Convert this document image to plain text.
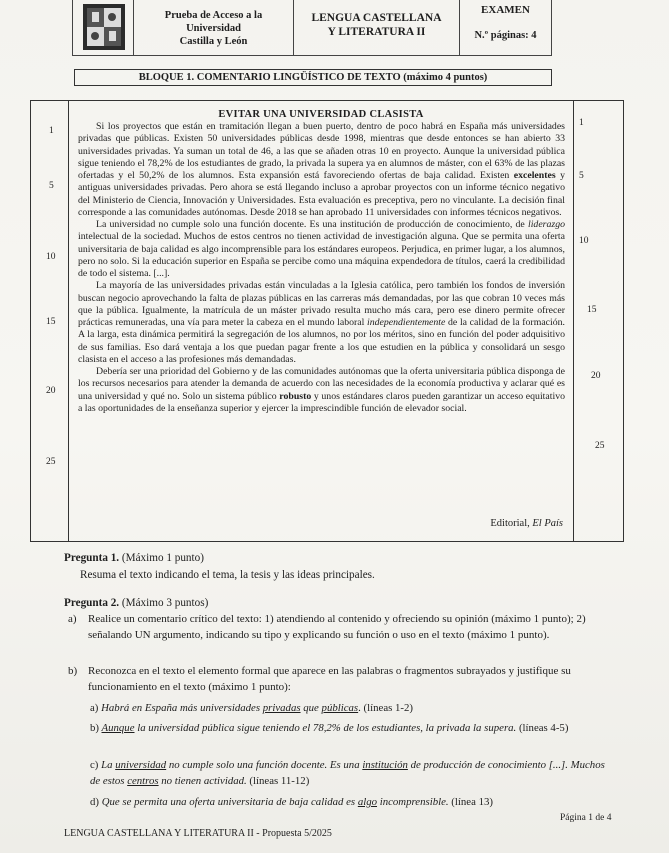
Prueba de Acceso a la
Universidad
Castilla y León
LENGUA CASTELLANA
Y LITERATURA II
EXAMEN
N.º páginas: 4
BLOQUE 1. COMENTARIO LINGÜÍSTICO DE TEXTO (máximo 4 puntos)
1
5
10
15
20
25
1
5
10
15
20
25
EVITAR UNA UNIVERSIDAD CLASISTA

Si los proyectos que están en tramitación llegan a buen puerto, dentro de poco habrá en España más universidades privadas que públicas. Existen 50 universidades públicas desde 1998, mientras que desde entonces se han abierto 33 universidades privadas. Ya suman un total de 46, a las que se añaden otras 10 en proyecto. Aunque la universidad pública sigue teniendo el 78,2% de los estudiantes de grado, la privada la supera ya en alumnos de máster, con el 63% de las plazas ofertadas y el 50,2% de los alumnos. Esta expansión está favoreciendo ofertas de baja calidad. Existen excelentes y antiguas universidades privadas. Pero ahora se está llegando incluso a aprobar proyectos con un informe técnico negativo del Ministerio de Ciencia, Innovación y Universidades. Esta evaluación es preceptiva, pero no vinculante. La decisión final corresponde a las comunidades autónomas. Desde 2018 se han aprobado 11 universidades con informes técnicos negativos.

La universidad no cumple solo una función docente. Es una institución de producción de conocimiento, de liderazgo intelectual de la sociedad. Muchos de estos centros no tienen actividad de investigación alguna. Que se permita una oferta universitaria de baja calidad es algo incomprensible para los estándares europeos. Perjudica, en primer lugar, a los alumnos, pero no solo. Si la educación superior en España se percibe como una máquina expendedora de títulos, caerá la credibilidad de todo el sistema. [...].

La mayoría de las universidades privadas están vinculadas a la Iglesia católica, pero también los fondos de inversión buscan negocio aprovechando la falta de plazas públicas en las carreras más demandadas, por las que cobran 10 veces más que la pública. Igualmente, la matrícula de un máster privado resulta mucho más cara, pero ese dinero permite ofrecer prácticas remuneradas, una vía para meter la cabeza en el mundo laboral independientemente de la calidad de la formación. A la larga, esta dinámica permitirá la segregación de los alumnos, no por los méritos, sino en función del poder adquisitivo de sus familias. Eso dará ventaja a los que puedan pagar frente a los que estudien en la pública y consolidará un sesgo clasista en el acceso a las profesiones más demandadas.

Debería ser una prioridad del Gobierno y de las comunidades autónomas que la oferta universitaria pública disponga de los recursos necesarios para atender la demanda de acuerdo con las necesidades de la economía productiva y aclarar qué es una universidad y qué no. Solo un sistema público robusto y unos estándares claros pueden garantizar un acceso equitativo a las oportunidades de la enseñanza superior y ejercer la imprescindible función de elevador social.

Editorial, El País
Pregunta 1. (Máximo 1 punto)
Resuma el texto indicando el tema, la tesis y las ideas principales.
Pregunta 2. (Máximo 3 puntos)
a) Realice un comentario crítico del texto: 1) atendiendo al contenido y ofreciendo su opinión (máximo 1 punto); 2) señalando UN argumento, indicando su tipo y explicando su función o uso en el texto (máximo 1 punto).
b) Reconozca en el texto el elemento formal que aparece en las palabras o fragmentos subrayados y justifique su funcionamiento en el texto (máximo 1 punto):
a) Habrá en España más universidades privadas que públicas. (líneas 1-2)
b) Aunque la universidad pública sigue teniendo el 78,2% de los estudiantes, la privada la supera. (líneas 4-5)
c) La universidad no cumple solo una función docente. Es una institución de producción de conocimiento [...]. Muchos de estos centros no tienen actividad. (líneas 11-12)
d) Que se permita una oferta universitaria de baja calidad es algo incomprensible. (línea 13)
Página 1 de 4
LENGUA CASTELLANA Y LITERATURA II - Propuesta 5/2025
